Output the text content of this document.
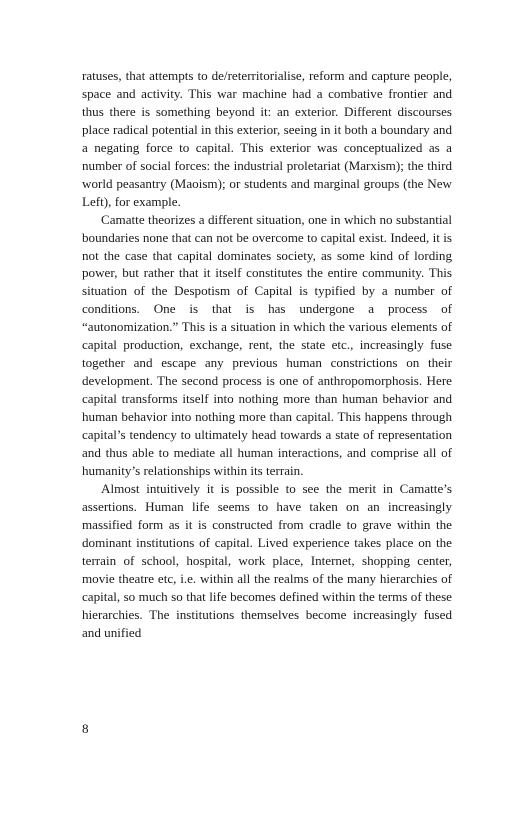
ratuses, that attempts to de/reterritorialise, reform and capture people, space and activity. This war machine had a combative frontier and thus there is something beyond it: an exterior. Different discourses place radical potential in this exterior, seeing in it both a boundary and a negating force to capital. This exterior was conceptualized as a number of social forces: the industrial proletariat (Marxism); the third world peasantry (Maoism); or students and marginal groups (the New Left), for example.

Camatte theorizes a different situation, one in which no substantial boundaries none that can not be overcome to capital exist. Indeed, it is not the case that capital dominates society, as some kind of lording power, but rather that it itself constitutes the entire community. This situation of the Despotism of Capital is typified by a number of conditions. One is that is has undergone a process of “autonomization.” This is a situation in which the various elements of capital production, exchange, rent, the state etc., increasingly fuse together and escape any previous human constrictions on their development. The second process is one of anthropomorphosis. Here capital transforms itself into nothing more than human behavior and human behavior into nothing more than capital. This happens through capital’s tendency to ultimately head towards a state of representation and thus able to mediate all human interactions, and comprise all of humanity’s relationships within its terrain.

Almost intuitively it is possible to see the merit in Camatte’s assertions. Human life seems to have taken on an increasingly massified form as it is constructed from cradle to grave within the dominant institutions of capital. Lived experience takes place on the terrain of school, hospital, work place, Internet, shopping center, movie theatre etc, i.e. within all the realms of the many hierarchies of capital, so much so that life becomes defined within the terms of these hierarchies. The institutions themselves become increasingly fused and unified

8
